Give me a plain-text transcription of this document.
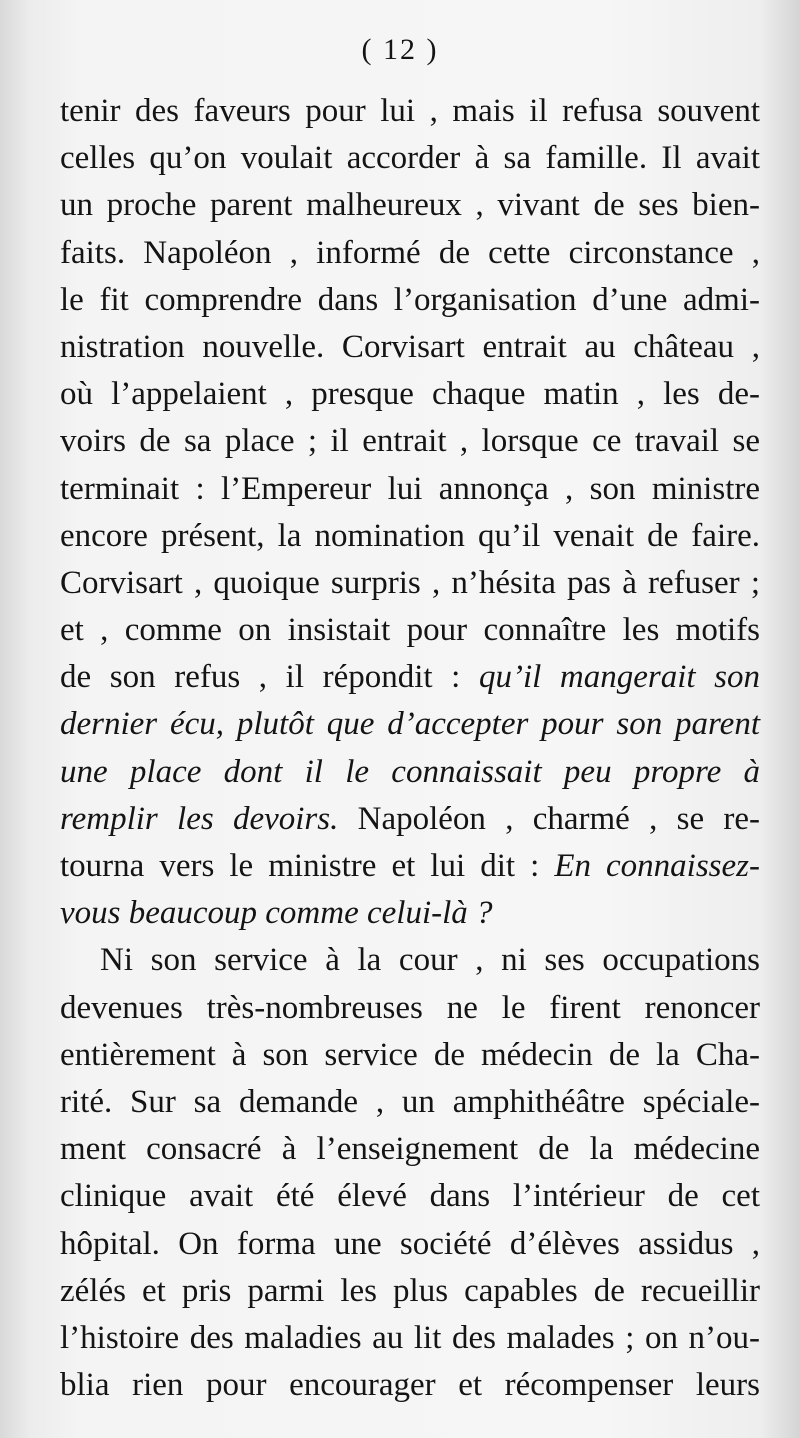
( 12 )
tenir des faveurs pour lui , mais il refusa souvent
celles qu’on voulait accorder à sa famille. Il avait
un proche parent malheureux , vivant de ses bien-
faits. Napoléon , informé de cette circonstance ,
le fit comprendre dans l’organisation d’une admi-
nistration nouvelle. Corvisart entrait au château ,
où l’appelaient , presque chaque matin , les de-
voirs de sa place ; il entrait , lorsque ce travail se
terminait : l’Empereur lui annonça , son ministre
encore présent, la nomination qu’il venait de faire.
Corvisart , quoique surpris , n’hésita pas à refuser ;
et , comme on insistait pour connaître les motifs
de son refus , il répondit : qu’il mangerait son
dernier écu, plutôt que d’accepter pour son parent
une place dont il le connaissait peu propre à
remplir les devoirs. Napoléon , charmé , se re-
tourna vers le ministre et lui dit : En connaissez-
vous beaucoup comme celui-là ?
Ni son service à la cour , ni ses occupations
devenues très-nombreuses ne le firent renoncer
entièrement à son service de médecin de la Cha-
rité. Sur sa demande , un amphithéâtre spéciale-
ment consacré à l’enseignement de la médecine
clinique avait été élevé dans l’intérieur de cet
hôpital. On forma une société d’élèves assidus ,
zélés et pris parmi les plus capables de recueillir
l’histoire des maladies au lit des malades ; on n’ou-
blia rien pour encourager et récompenser leurs
